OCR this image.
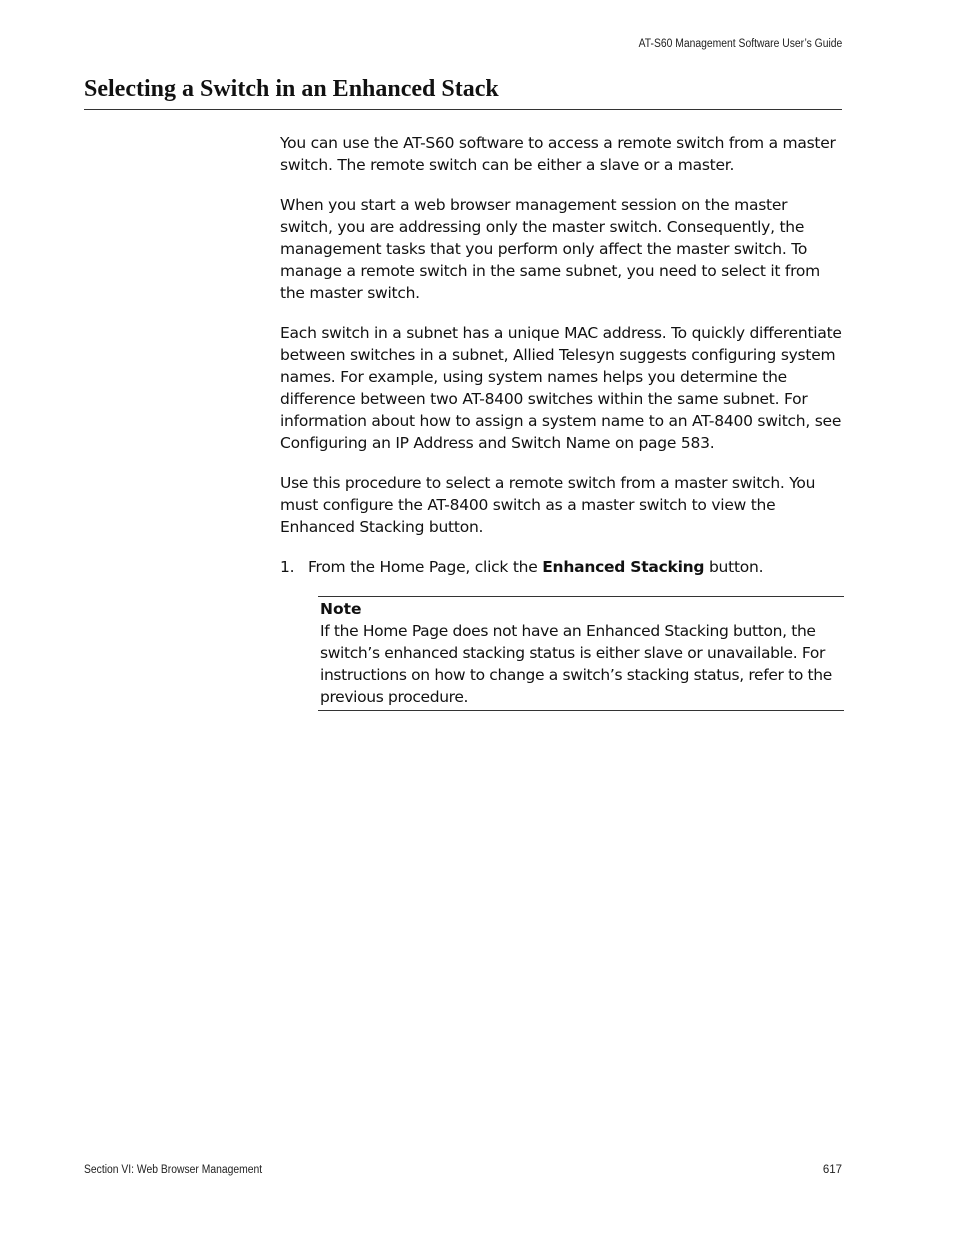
AT-S60 Management Software User’s Guide
Selecting a Switch in an Enhanced Stack

You can use the AT-S60 software to access a remote switch from a master switch. The remote switch can be either a slave or a master.

When you start a web browser management session on the master switch, you are addressing only the master switch. Consequently, the management tasks that you perform only affect the master switch. To manage a remote switch in the same subnet, you need to select it from the master switch.

Each switch in a subnet has a unique MAC address. To quickly differentiate between switches in a subnet, Allied Telesyn suggests configuring system names. For example, using system names helps you determine the difference between two AT-8400 switches within the same subnet. For information about how to assign a system name to an AT-8400 switch, see Configuring an IP Address and Switch Name on page 583.

Use this procedure to select a remote switch from a master switch. You must configure the AT-8400 switch as a master switch to view the Enhanced Stacking button.

1. From the Home Page, click the Enhanced Stacking button.
Note
If the Home Page does not have an Enhanced Stacking button, the switch’s enhanced stacking status is either slave or unavailable. For instructions on how to change a switch’s stacking status, refer to the previous procedure.
Section VI: Web Browser Management	617
